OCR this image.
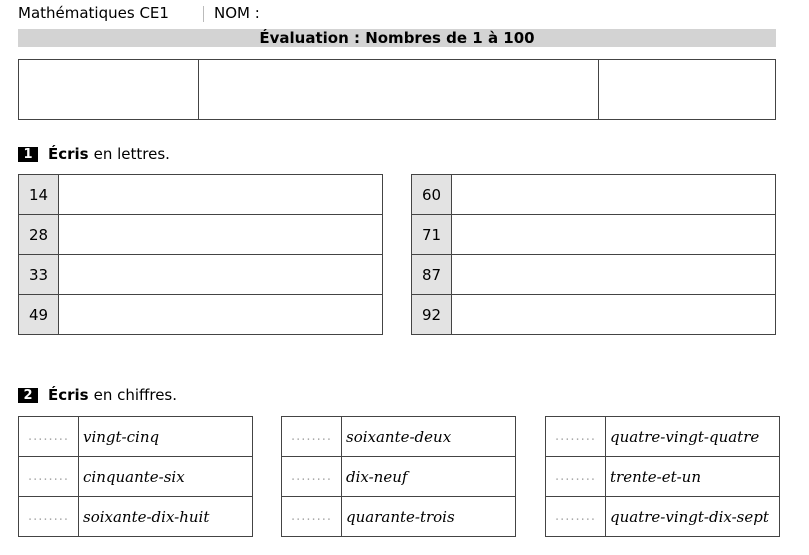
Mathématiques CE1	NOM :
Évaluation : Nombres de 1 à 100
1	Écris en lettres.
14	
28	
33	
49	
60	
71	
87	
92	
2	Écris en chiffres.
........	vingt-cinq
........	cinquante-six
........	soixante-dix-huit
........	soixante-deux
........	dix-neuf
........	quarante-trois
........	quatre-vingt-quatre
........	trente-et-un
........	quatre-vingt-dix-sept
